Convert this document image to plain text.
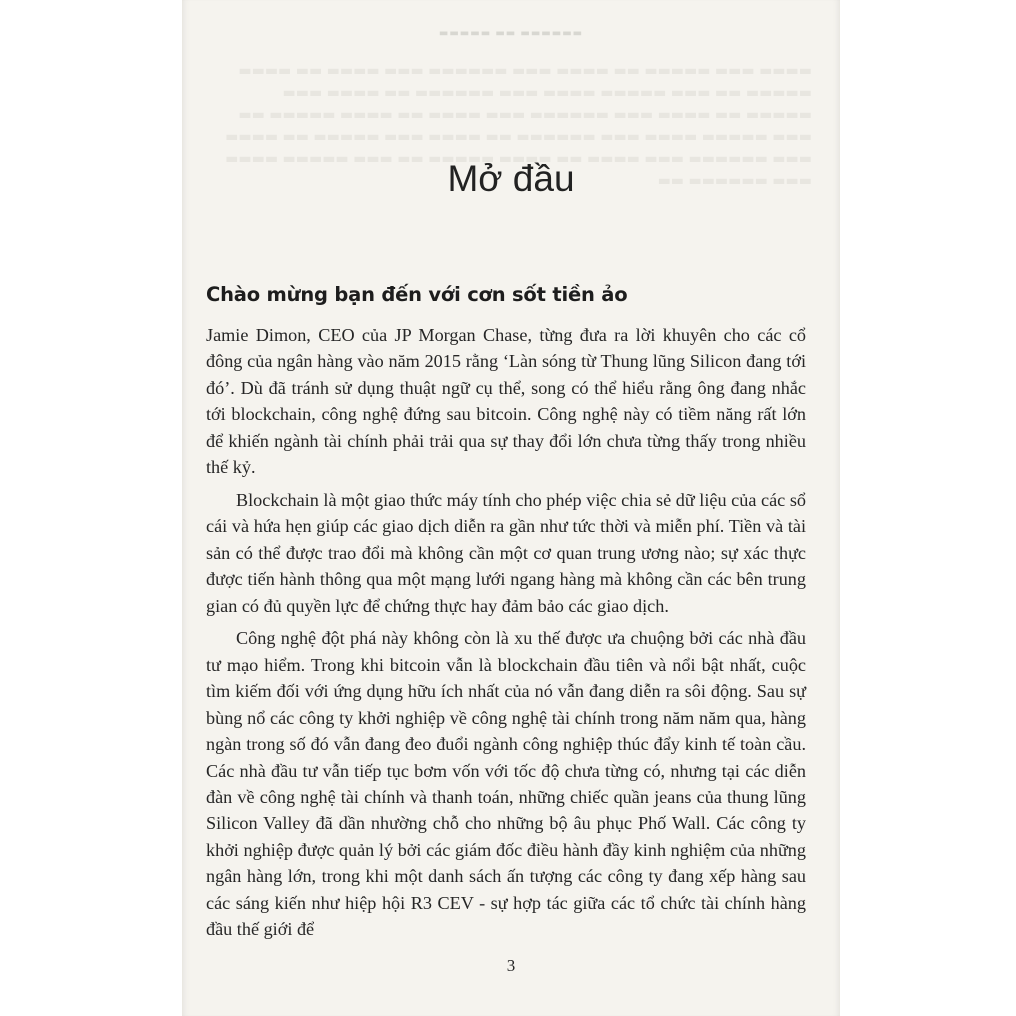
▬▬▬▬ ▬▬▬ ▬▬▬▬▬ ▬▬ ▬▬▬▬ ▬▬▬ ▬▬▬▬▬▬ ▬▬▬ ▬▬▬▬ ▬▬ ▬▬▬▬ ▬▬▬▬▬ ▬▬ ▬▬▬ ▬▬▬▬▬ ▬▬▬▬ ▬▬▬ ▬▬▬▬▬▬ ▬▬ ▬▬▬▬ ▬▬▬ ▬▬▬▬▬ ▬▬ ▬▬▬▬ ▬▬▬ ▬▬▬▬▬▬ ▬▬▬ ▬▬▬▬ ▬▬ ▬▬▬▬ ▬▬▬▬▬ ▬▬ ▬▬▬ ▬▬▬▬▬ ▬▬▬▬ ▬▬▬ ▬▬▬▬▬▬ ▬▬ ▬▬▬▬ ▬▬▬ ▬▬▬▬▬ ▬▬ ▬▬▬▬ ▬▬▬ ▬▬▬▬▬▬ ▬▬▬ ▬▬▬▬ ▬▬ ▬▬▬▬ ▬▬▬▬▬ ▬▬ ▬▬▬ ▬▬▬▬▬ ▬▬▬▬ ▬▬▬ ▬▬▬▬▬▬ ▬▬
▬▬▬▬▬ ▬▬ ▬▬▬▬▬▬
Mở đầu
Chào mừng bạn đến với cơn sốt tiền ảo

Jamie Dimon, CEO của JP Morgan Chase, từng đưa ra lời khuyên cho các cổ đông của ngân hàng vào năm 2015 rằng ‘Làn sóng từ Thung lũng Silicon đang tới đó’. Dù đã tránh sử dụng thuật ngữ cụ thể, song có thể hiểu rằng ông đang nhắc tới blockchain, công nghệ đứng sau bitcoin. Công nghệ này có tiềm năng rất lớn để khiến ngành tài chính phải trải qua sự thay đổi lớn chưa từng thấy trong nhiều thế kỷ.

Blockchain là một giao thức máy tính cho phép việc chia sẻ dữ liệu của các sổ cái và hứa hẹn giúp các giao dịch diễn ra gần như tức thời và miễn phí. Tiền và tài sản có thể được trao đổi mà không cần một cơ quan trung ương nào; sự xác thực được tiến hành thông qua một mạng lưới ngang hàng mà không cần các bên trung gian có đủ quyền lực để chứng thực hay đảm bảo các giao dịch.

Công nghệ đột phá này không còn là xu thế được ưa chuộng bởi các nhà đầu tư mạo hiểm. Trong khi bitcoin vẫn là blockchain đầu tiên và nổi bật nhất, cuộc tìm kiếm đối với ứng dụng hữu ích nhất của nó vẫn đang diễn ra sôi động. Sau sự bùng nổ các công ty khởi nghiệp về công nghệ tài chính trong năm năm qua, hàng ngàn trong số đó vẫn đang đeo đuổi ngành công nghiệp thúc đẩy kinh tế toàn cầu. Các nhà đầu tư vẫn tiếp tục bơm vốn với tốc độ chưa từng có, nhưng tại các diễn đàn về công nghệ tài chính và thanh toán, những chiếc quần jeans của thung lũng Silicon Valley đã dần nhường chỗ cho những bộ âu phục Phố Wall. Các công ty khởi nghiệp được quản lý bởi các giám đốc điều hành đầy kinh nghiệm của những ngân hàng lớn, trong khi một danh sách ấn tượng các công ty đang xếp hàng sau các sáng kiến như hiệp hội R3 CEV - sự hợp tác giữa các tổ chức tài chính hàng đầu thế giới để

3
